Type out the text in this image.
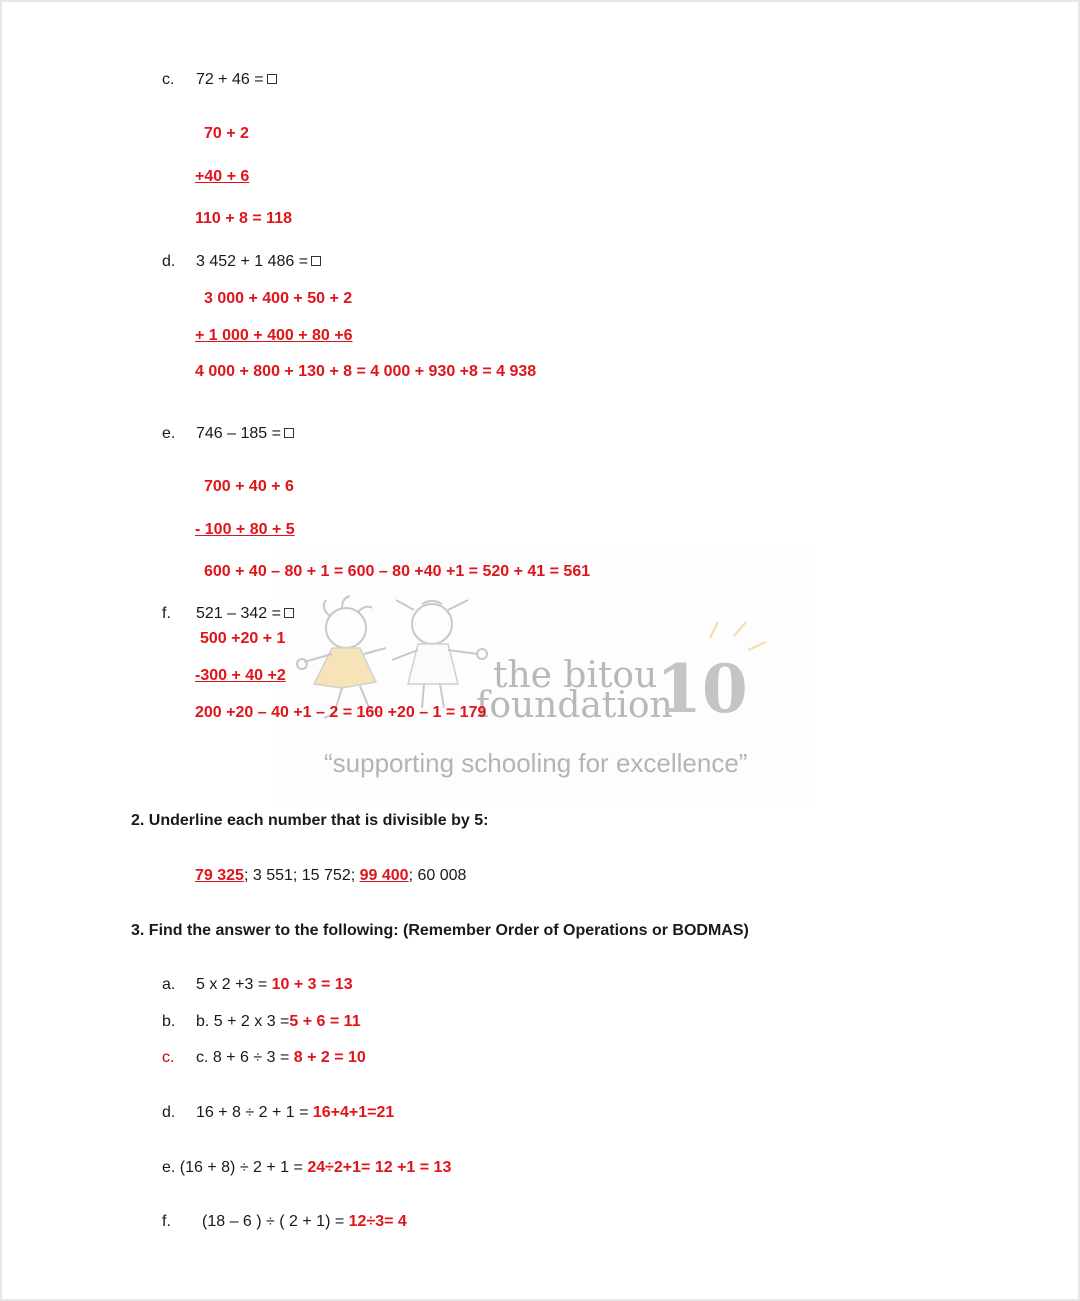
the bitou
foundation
10
“supporting schooling for excellence”
c. 72 + 46 =
70 + 2
+40 + 6
110 + 8 = 118
d. 3 452 + 1 486 =
3 000 + 400 + 50 + 2
+ 1 000 + 400 + 80 +6
4 000 + 800 + 130 + 8 = 4 000 + 930 +8 = 4 938
e. 746 – 185 =
700 + 40 + 6
- 100 + 80 + 5
600 + 40 – 80 + 1 = 600 – 80 +40 +1 = 520 + 41 = 561
f. 521 – 342 =
500 +20 + 1
-300 + 40 +2
200 +20 – 40 +1 – 2 = 160 +20 – 1 = 179
2. Underline each number that is divisible by 5:
79 325; 3 551; 15 752; 99 400; 60 008
3. Find the answer to the following: (Remember Order of Operations or BODMAS)
a. 5 x 2 +3 = 10 + 3 = 13
b. b. 5 + 2 x 3 =5 + 6 = 11
c. c. 8 + 6 ÷ 3 = 8 + 2 = 10
d. 16 + 8 ÷ 2 + 1 = 16+4+1=21
e. (16 + 8) ÷ 2 + 1 = 24÷2+1= 12 +1 = 13
f. (18 – 6 ) ÷ ( 2 + 1) = 12÷3= 4
